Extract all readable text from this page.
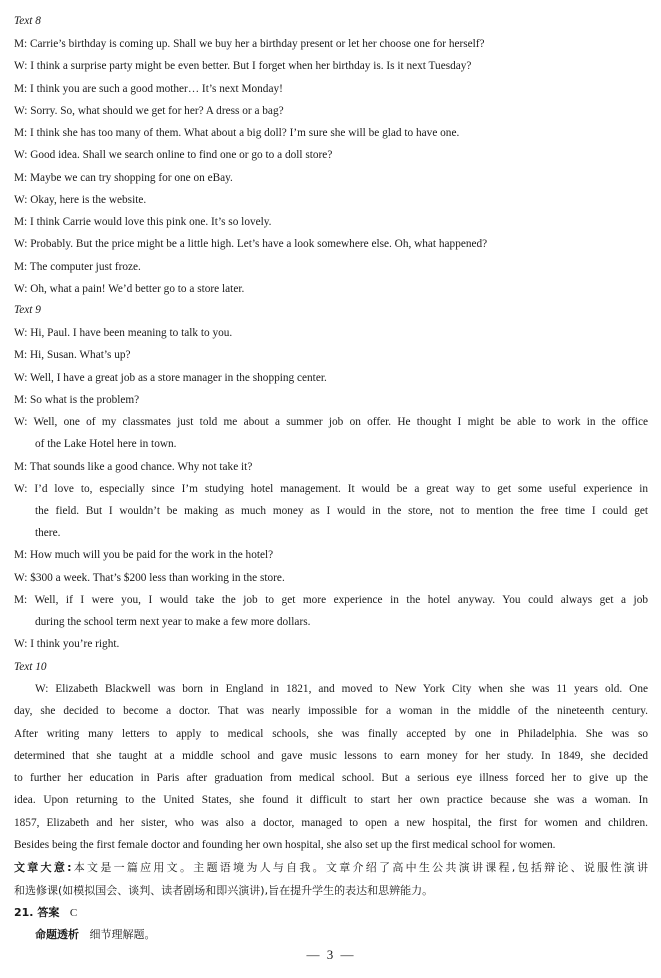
Text 8
M: Carrie’s birthday is coming up. Shall we buy her a birthday present or let her choose one for herself?
W: I think a surprise party might be even better. But I forget when her birthday is. Is it next Tuesday?
M: I think you are such a good mother… It’s next Monday!
W: Sorry. So, what should we get for her? A dress or a bag?
M: I think she has too many of them. What about a big doll? I’m sure she will be glad to have one.
W: Good idea. Shall we search online to find one or go to a doll store?
M: Maybe we can try shopping for one on eBay.
W: Okay, here is the website.
M: I think Carrie would love this pink one. It’s so lovely.
W: Probably. But the price might be a little high. Let’s have a look somewhere else. Oh, what happened?
M: The computer just froze.
W: Oh, what a pain! We’d better go to a store later.
Text 9
W: Hi, Paul. I have been meaning to talk to you.
M: Hi, Susan. What’s up?
W: Well, I have a great job as a store manager in the shopping center.
M: So what is the problem?
W: Well, one of my classmates just told me about a summer job on offer. He thought I might be able to work in the office
of the Lake Hotel here in town.
M: That sounds like a good chance. Why not take it?
W: I’d love to, especially since I’m studying hotel management. It would be a great way to get some useful experience in
the field. But I wouldn’t be making as much money as I would in the store, not to mention the free time I could get
there.
M: How much will you be paid for the work in the hotel?
W: $300 a week. That’s $200 less than working in the store.
M: Well, if I were you, I would take the job to get more experience in the hotel anyway. You could always get a job
during the school term next year to make a few more dollars.
W: I think you’re right.
Text 10
W: Elizabeth Blackwell was born in England in 1821, and moved to New York City when she was 11 years old. One
day, she decided to become a doctor. That was nearly impossible for a woman in the middle of the nineteenth century.
After writing many letters to apply to medical schools, she was finally accepted by one in Philadelphia. She was so
determined that she taught at a middle school and gave music lessons to earn money for her study. In 1849, she decided
to further her education in Paris after graduation from medical school. But a serious eye illness forced her to give up the
idea. Upon returning to the United States, she found it difficult to start her own practice because she was a woman. In
1857, Elizabeth and her sister, who was also a doctor, managed to open a new hospital, the first for women and children.
Besides being the first female doctor and founding her own hospital, she also set up the first medical school for women.
文章大意:本文是一篇应用文。主题语境为人与自我。文章介绍了高中生公共演讲课程,包括辩论、说服性演讲
和选修课(如模拟国会、谈判、读者剧场和即兴演讲),旨在提升学生的表达和思辨能力。
21. 答案 C
命题透析 细节理解题。
— 3 —
